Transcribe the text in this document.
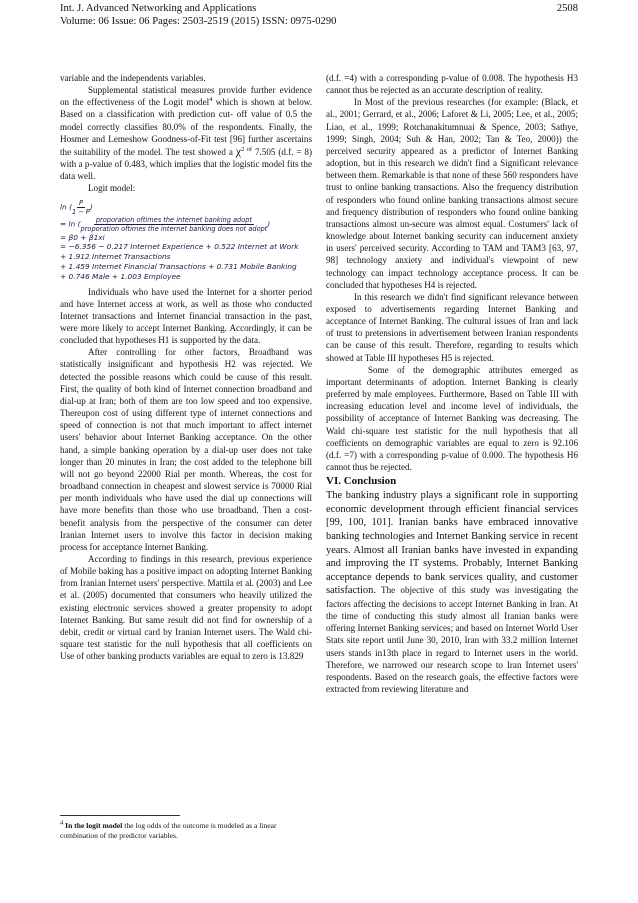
Int. J. Advanced Networking and Applications	2508
Volume: 06 Issue: 06 Pages: 2503-2519 (2015) ISSN: 0975-0290

variable and the independents variables.

Supplemental statistical measures provide further evidence on the effectiveness of the Logit model$^4$ which is shown at below. Based on a classification with prediction cut- off value of 0.5 the model correctly classifies 80.0% of the respondents. Finally, the Hosmer and Lemeshow Goodness-of-Fit test [96] further ascertains the suitability of the model. The test showed a $\chi^{2 of}$ 7.505 (d.f. = 8) with a p-value of 0.483, which implies that the logistic model fits the data well.

Logit model:

ln ( $\frac{P}{1 - P}$ )
= ln ( $\frac{\text{proporation oftimes the internet banking adopt}}{\text{proporation oftimes the internet banking does not adopt}}$ )
= β0 + β1xi
= −6.356 − 0.217 Internet Experience + 0.522 Internet at Work
+ 1.912 Internet Transactions
+ 1.459 Internet Financial Transactions + 0.731 Mobile Banking
+ 0.746 Male + 1.003 Employee

Individuals who have used the Internet for a shorter period and have Internet access at work, as well as those who conducted Internet transactions and Internet financial transaction in the past, were more likely to accept Internet Banking. Accordingly, it can be concluded that hypotheses H1 is supported by the data.

After controlling for other factors, Broadband was statistically insignificant and hypothesis H2 was rejected. We detected the possible reasons which could be cause of this result. First, the quality of both kind of Internet connection broadband and dial-up at Iran; both of them are too low speed and too expensive. Thereupon cost of using different type of internet connections and speed of connection is not that much important to affect internet users' behavior about Internet Banking acceptance. On the other hand, a simple banking operation by a dial-up user does not take longer than 20 minutes in Iran; the cost added to the telephone bill will not go beyond 22000 Rial per month. Whereas, the cost for broadband connection in cheapest and slowest service is 70000 Rial per month individuals who have used the dial up connections will have more benefits than those who use broadband. Then a cost- benefit analysis from the perspective of the consumer can deter Iranian Internet users to involve this factor in decision making process for acceptance Internet Banking.

According to findings in this research, previous experience of Mobile baking has a positive impact on adopting Internet Banking from Iranian Internet users' perspective. Mattila et al. (2003) and Lee et al. (2005) documented that consumers who heavily utilized the existing electronic services showed a greater propensity to adopt Internet Banking. But same result did not find for ownership of a debit, credit or virtual card by Iranian Internet users. The Wald chi-square test statistic for the null hypothesis that all coefficients on Use of other banking products variables are equal to zero is 13.829

$^4$ In the logit model the log odds of the outcome is modeled as a linear combination of the predictor variables.

(d.f. =4) with a corresponding p-value of 0.008. The hypothesis H3 cannot thus be rejected as an accurate description of reality.

In Most of the previous researches (for example: (Black, et al., 2001; Gerrard, et al., 2006; Laforet & Li, 2005; Lee, et al., 2005; Liao, et al., 1999; Rotchanakitumnuai & Spence, 2003; Sathye, 1999; Singh, 2004; Suh & Han, 2002; Tan & Teo, 2000)) the perceived security appeared as a predictor of Internet Banking adoption, but in this research we didn't find a Significant relevance between them. Remarkable is that none of these 560 responders have trust to online banking transactions. Also the frequency distribution of responders who found online banking transactions almost secure and frequency distribution of responders who found online banking transactions almost un-secure was almost equal. Costumers' lack of knowledge about Internet banking security can inducement anxiety in users' perceived security. According to TAM and TAM3 [63, 97, 98] technology anxiety and individual's viewpoint of new technology can impact technology acceptance process. It can be concluded that hypotheses H4 is rejected.

In this research we didn't find significant relevance between exposed to advertisements regarding Internet Banking and acceptance of Internet Banking. The cultural issues of Iran and lack of trust to pretensions in advertisement between Iranian respondents can be cause of this result. Therefore, regarding to results which showed at Table III hypotheses H5 is rejected.

Some of the demographic attributes emerged as important determinants of adoption. Internet Banking is clearly preferred by male employees. Furthermore, Based on Table III with increasing education level and income level of individuals, the possibility of acceptance of Internet Banking was decreasing. The Wald chi-square test statistic for the null hypothesis that all coefficients on demographic variables are equal to zero is 92.106 (d.f. =7) with a corresponding p-value of 0.000. The hypothesis H6 cannot thus be rejected.

VI. Conclusion

The banking industry plays a significant role in supporting economic development through efficient financial services [99, 100, 101]. Iranian banks have embraced innovative banking technologies and Internet Banking service in recent years. Almost all Iranian banks have invested in expanding and improving the IT systems. Probably, Internet Banking acceptance depends to bank services quality, and customer satisfaction. The objective of this study was investigating the factors affecting the decisions to accept Internet Banking in Iran. At the time of conducting this study almost all Iranian banks were offering Internet Banking services; and based on Internet World User Stats site report until June 30, 2010, Iran with 33.2 million Internet users stands in13th place in regard to Internet users in the world. Therefore, we narrowed our research scope to Iran Internet users' respondents. Based on the research goals, the effective factors were extracted from reviewing literature and
